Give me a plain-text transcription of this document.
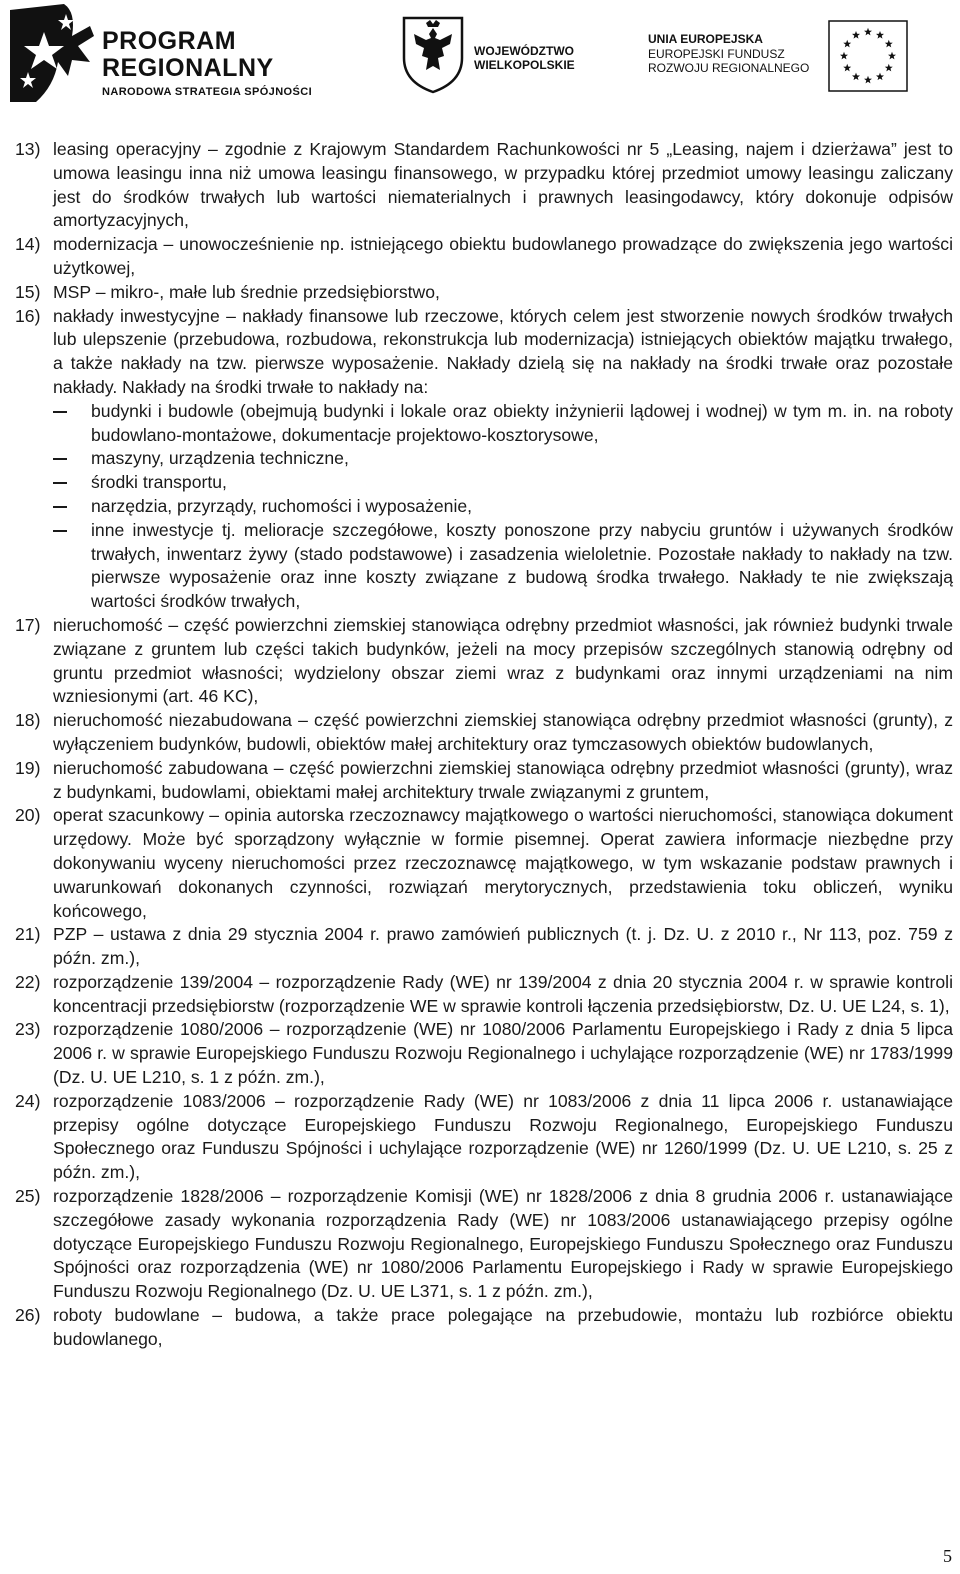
PROGRAM
REGIONALNY
NARODOWA STRATEGIA SPÓJNOŚCI
WOJEWÓDZTWO
WIELKOPOLSKIE
UNIA EUROPEJSKA
EUROPEJSKI FUNDUSZ
ROZWOJU REGIONALNEGO
13) leasing operacyjny – zgodnie z Krajowym Standardem Rachunkowości nr 5 „Leasing, najem i dzierżawa” jest to umowa leasingu inna niż umowa leasingu finansowego, w przypadku której przedmiot umowy leasingu zaliczany jest do środków trwałych lub wartości niematerialnych i prawnych leasingodawcy, który dokonuje odpisów amortyzacyjnych,
14) modernizacja – unowocześnienie np. istniejącego obiektu budowlanego prowadzące do zwiększenia jego wartości użytkowej,
15) MSP – mikro-, małe lub średnie przedsiębiorstwo,
16) nakłady inwestycyjne – nakłady finansowe lub rzeczowe, których celem jest stworzenie nowych środków trwałych lub ulepszenie (przebudowa, rozbudowa, rekonstrukcja lub modernizacja) istniejących obiektów majątku trwałego, a także nakłady na tzw. pierwsze wyposażenie. Nakłady dzielą się na nakłady na środki trwałe oraz pozostałe nakłady. Nakłady na środki trwałe to nakłady na:
budynki i budowle (obejmują budynki i lokale oraz obiekty inżynierii lądowej i wodnej) w tym m. in. na roboty budowlano-montażowe, dokumentacje projektowo-kosztorysowe,
maszyny, urządzenia techniczne,
środki transportu,
narzędzia, przyrządy, ruchomości i wyposażenie,
inne inwestycje tj. melioracje szczegółowe, koszty ponoszone przy nabyciu gruntów i używanych środków trwałych, inwentarz żywy (stado podstawowe) i zasadzenia wieloletnie. Pozostałe nakłady to nakłady na tzw. pierwsze wyposażenie oraz inne koszty związane z budową środka trwałego. Nakłady te nie zwiększają wartości środków trwałych,
17) nieruchomość – część powierzchni ziemskiej stanowiąca odrębny przedmiot własności, jak również budynki trwale związane z gruntem lub części takich budynków, jeżeli na mocy przepisów szczególnych stanowią odrębny od gruntu przedmiot własności; wydzielony obszar ziemi wraz z budynkami oraz innymi urządzeniami na nim wzniesionymi (art. 46 KC),
18) nieruchomość niezabudowana – część powierzchni ziemskiej stanowiąca odrębny przedmiot własności (grunty), z wyłączeniem budynków, budowli, obiektów małej architektury oraz tymczasowych obiektów budowlanych,
19) nieruchomość zabudowana – część powierzchni ziemskiej stanowiąca odrębny przedmiot własności (grunty), wraz z budynkami, budowlami, obiektami małej architektury trwale związanymi z gruntem,
20) operat szacunkowy – opinia autorska rzeczoznawcy majątkowego o wartości nieruchomości, stanowiąca dokument urzędowy. Może być sporządzony wyłącznie w formie pisemnej. Operat zawiera informacje niezbędne przy dokonywaniu wyceny nieruchomości przez rzeczoznawcę majątkowego, w tym wskazanie podstaw prawnych i uwarunkowań dokonanych czynności, rozwiązań merytorycznych, przedstawienia toku obliczeń, wyniku końcowego,
21) PZP – ustawa z dnia 29 stycznia 2004 r. prawo zamówień publicznych (t. j. Dz. U. z 2010 r., Nr 113, poz. 759 z późn. zm.),
22) rozporządzenie 139/2004 – rozporządzenie Rady (WE) nr 139/2004 z dnia 20 stycznia 2004 r. w sprawie kontroli koncentracji przedsiębiorstw (rozporządzenie WE w sprawie kontroli łączenia przedsiębiorstw, Dz. U. UE L24, s. 1),
23) rozporządzenie 1080/2006 – rozporządzenie (WE) nr 1080/2006 Parlamentu Europejskiego i Rady z dnia 5 lipca 2006 r. w sprawie Europejskiego Funduszu Rozwoju Regionalnego i uchylające rozporządzenie (WE) nr 1783/1999 (Dz. U. UE L210, s. 1 z późn. zm.),
24) rozporządzenie 1083/2006 – rozporządzenie Rady (WE) nr 1083/2006 z dnia 11 lipca 2006 r. ustanawiające przepisy ogólne dotyczące Europejskiego Funduszu Rozwoju Regionalnego, Europejskiego Funduszu Społecznego oraz Funduszu Spójności i uchylające rozporządzenie (WE) nr 1260/1999 (Dz. U. UE L210, s. 25 z późn. zm.),
25) rozporządzenie 1828/2006 – rozporządzenie Komisji (WE) nr 1828/2006 z dnia 8 grudnia 2006 r. ustanawiające szczegółowe zasady wykonania rozporządzenia Rady (WE) nr 1083/2006 ustanawiającego przepisy ogólne dotyczące Europejskiego Funduszu Rozwoju Regionalnego, Europejskiego Funduszu Społecznego oraz Funduszu Spójności oraz rozporządzenia (WE) nr 1080/2006 Parlamentu Europejskiego i Rady w sprawie Europejskiego Funduszu Rozwoju Regionalnego (Dz. U. UE L371, s. 1 z późn. zm.),
26) roboty budowlane – budowa, a także prace polegające na przebudowie, montażu lub rozbiórce obiektu budowlanego,
5
